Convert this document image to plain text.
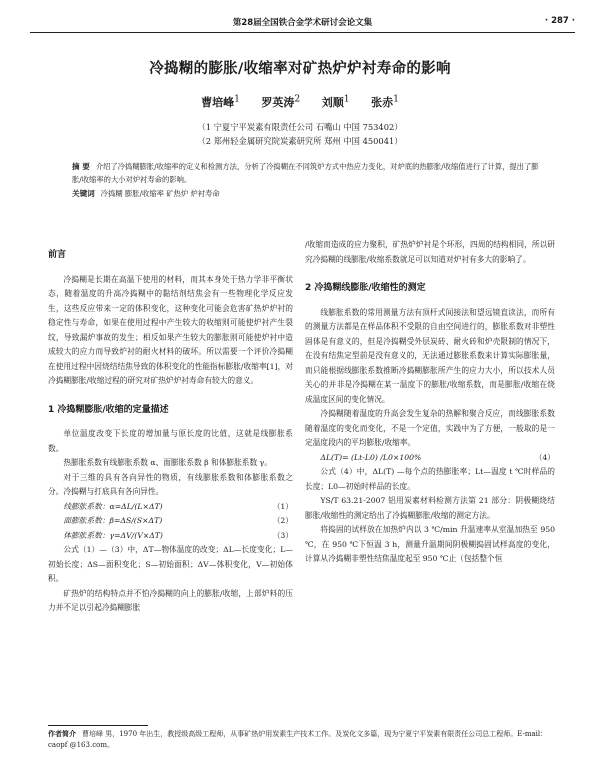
第28届全国铁合金学术研讨会论文集	· 287 ·
冷捣糊的膨胀/收缩率对矿热炉炉衬寿命的影响
曹培峰$^1$ 罗英涛$^2$ 刘顺$^1$ 张赤$^1$
（1 宁夏宁平炭素有限责任公司 石嘴山 中国 753402）
（2 郑州轻金属研究院炭素研究所 郑州 中国 450041）
摘 要 介绍了冷捣糊膨胀/收缩率的定义和检测方法，分析了冷捣糊在不同筑炉方式中热应力变化，对炉底的热膨胀/收缩值进行了计算，提出了膨胀/收缩率的大小对炉衬寿命的影响。
关键词 冷捣糊 膨胀/收缩率 矿热炉 炉衬寿命
前言

冷捣糊是长期在高温下使用的材料，而其本身处于热力学非平衡状态，随着温度的升高冷捣糊中的黏结剂结焦会有一些物理化学反应发生，这些反应带来一定的体积变化，这种变化可能会危害矿热炉炉衬的稳定性与寿命，如果在使用过程中产生较大的收缩则可能使炉衬产生裂纹，导致漏炉事故的发生；相反如果产生较大的膨胀则可能使炉衬中造成较大的应力而导致炉衬的耐火材料的破坏。所以需要一个评价冷捣糊在使用过程中因烧结结焦导致的体积变化的性能指标膨胀/收缩率[1]，对冷捣糊膨胀/收缩过程的研究对矿热炉炉衬寿命有较大的意义。

1 冷捣糊膨胀/收缩的定量描述

单位温度改变下长度的增加量与原长度的比值，这就是线膨胀系数。

热膨胀系数有线膨胀系数 α、面膨胀系数 β 和体膨胀系数 γ。

对于三维的具有各向异性的物质，有线膨胀系数和体膨胀系数之分。冷捣糊与打底具有各向异性。

线膨胀系数：α=ΔL/(L×ΔT)	（1）
面膨胀系数：β=ΔS/(S×ΔT)	（2）
体膨胀系数：γ=ΔV/(V×ΔT)	（3）

公式（1）—（3）中，ΔT—物体温度的改变；ΔL—长度变化；L—初始长度；ΔS—面积变化；S—初始面积；ΔV—体积变化，V—初始体积。

矿热炉的结构特点并不怕冷捣糊的向上的膨胀/收缩，上部炉料的压力并不足以引起冷捣糊膨胀

/收缩而造成的应力聚积，矿热炉炉衬是个环形，四周的结构相同，所以研究冷捣糊的线膨胀/收缩系数就足可以知道对炉衬有多大的影响了。

2 冷捣糊线膨胀/收缩性的测定

线膨胀系数的常用测量方法有顶杆式间接法和望远镜直读法，而所有的测量方法都是在样品体积不受限的自由空间进行的，膨胀系数对非塑性固体是有意义的，但是冷捣糊受外层炭砖、耐火砖和炉壳限制的情况下，在没有结焦定型前是没有意义的，无法通过膨胀系数来计算实际膨胀量，而只能根据线膨胀系数推断冷捣糊膨胀所产生的应力大小，所以技术人员关心的并非是冷捣糊在某一温度下的膨胀/收缩系数，而是膨胀/收缩在烧成温度区间的变化情况。

冷捣糊随着温度的升高会发生复杂的热解和聚合反应，而线膨胀系数随着温度的变化而变化，不是一个定值，实践中为了方便，一般取的是一定温度段内的平均膨胀/收缩率。

ΔL(T)= (Lt-L0) /L0×100%	（4）

公式（4）中，ΔL(T) —每个点的热膨胀率；Lt—温度 t ℃时样品的长度；L0—初始时样品的长度。

YS/T 63.21-2007 铝用炭素材料检测方法第 21 部分：阴极糊烧结膨胀/收缩性的测定给出了冷捣糊膨胀/收缩的测定方法。

将捣固的试样放在加热炉内以 3 ℃/min 升温速率从室温加热至 950 ℃，在 950 ℃下恒温 3 h，测量升温期间阴极糊捣固试样高度的变化，计算从冷捣糊非塑性结焦温度起至 950 ℃止（包括整个恒

作者简介 曹培峰 男，1970 年出生，教授级高级工程师，从事矿热炉用炭素生产技术工作。及炭化文多篇，现为宁夏宁平炭素有限责任公司总工程师。E-mail：caopf @163.com。
